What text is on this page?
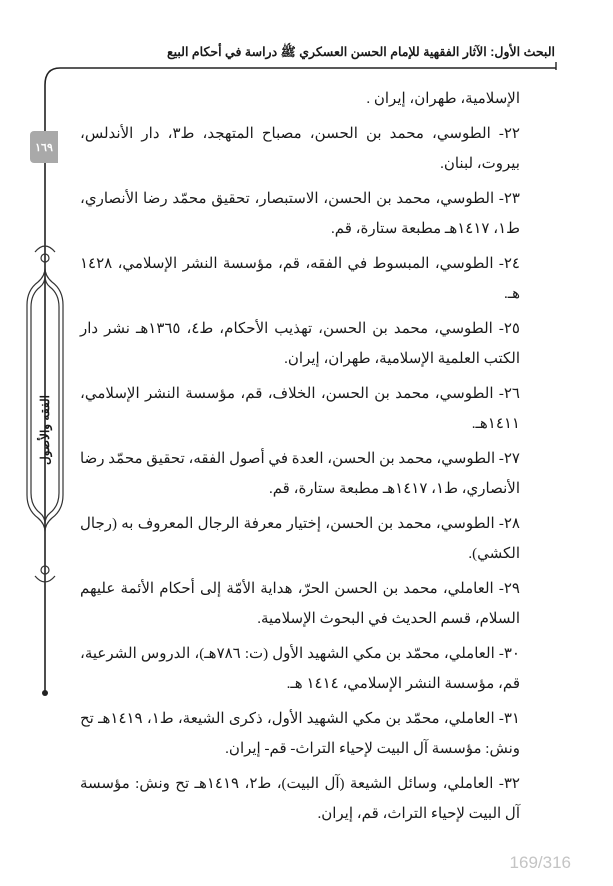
البحث الأول: الآثار الفقهية للإمام الحسن العسكري ﷺ دراسة في أحكام البيع
١٦٩
الفقه والأصول

الإسلامية، طهران، إيران .

٢٢- الطوسي، محمد بن الحسن، مصباح المتهجد، ط٣، دار الأندلس، بيروت، لبنان.

٢٣- الطوسي، محمد بن الحسن، الاستبصار، تحقيق محمّد رضا الأنصاري، ط١، ١٤١٧هـ مطبعة ستارة، قم.

٢٤- الطوسي، المبسوط في الفقه، قم، مؤسسة النشر الإسلامي، ١٤٢٨ هـ.

٢٥- الطوسي، محمد بن الحسن، تهذيب الأحكام، ط٤، ١٣٦٥هـ نشر دار الكتب العلمية الإسلامية، طهران، إيران.

٢٦- الطوسي، محمد بن الحسن، الخلاف، قم، مؤسسة النشر الإسلامي، ١٤١١هـ.

٢٧- الطوسي، محمد بن الحسن، العدة في أصول الفقه، تحقيق محمّد رضا الأنصاري، ط١، ١٤١٧هـ مطبعة ستارة، قم.

٢٨- الطوسي، محمد بن الحسن، إختيار معرفة الرجال المعروف به (رجال الكشي).

٢٩- العاملي، محمد بن الحسن الحرّ، هداية الأمّة إلى أحكام الأئمة عليهم السلام، قسم الحديث في البحوث الإسلامية.

٣٠- العاملي، محمّد بن مكي الشهيد الأول (ت: ٧٨٦هـ)، الدروس الشرعية، قم، مؤسسة النشر الإسلامي، ١٤١٤ هـ.

٣١- العاملي، محمّد بن مكي الشهيد الأول، ذكرى الشيعة، ط١، ١٤١٩هـ تح ونش: مؤسسة آل البيت لإحياء التراث- قم- إيران.

٣٢- العاملي، وسائل الشيعة (آل البيت)، ط٢، ١٤١٩هـ تح ونش: مؤسسة آل البيت لإحياء التراث، قم، إيران.

169/316
